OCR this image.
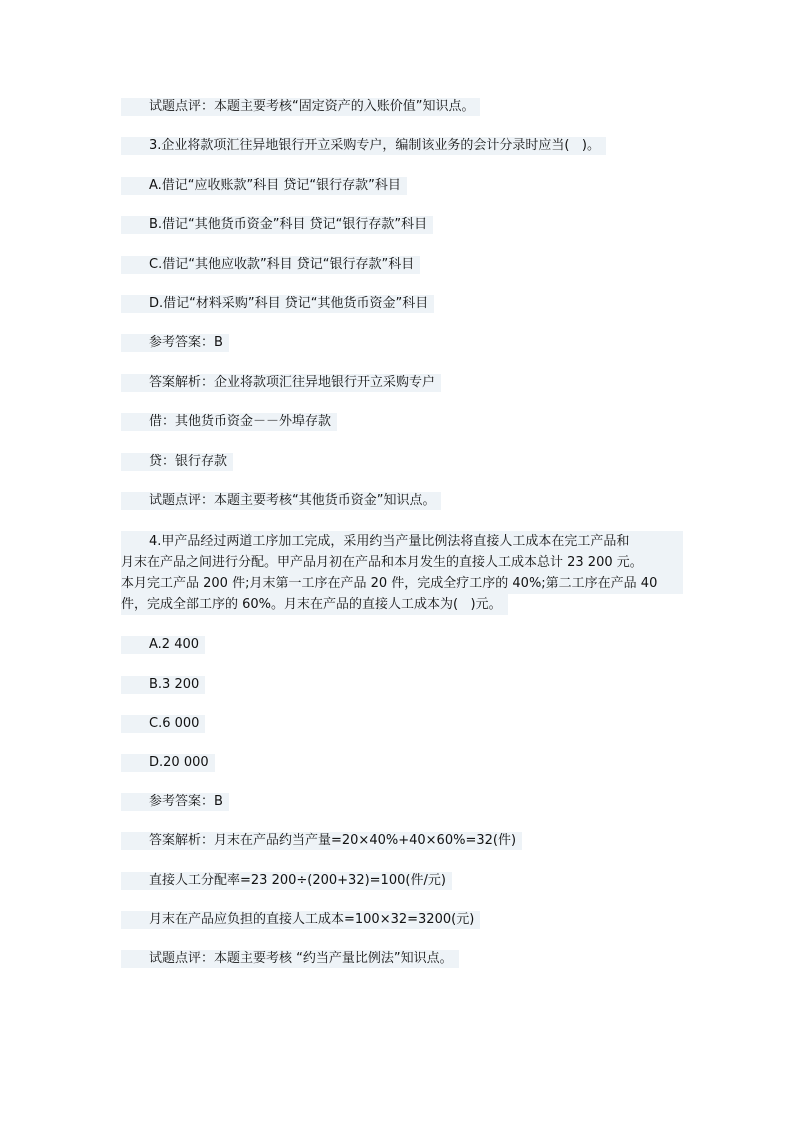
试题点评：本题主要考核“固定资产的入账价值”知识点。
3.企业将款项汇往异地银行开立采购专户，编制该业务的会计分录时应当(   )。
A.借记“应收账款”科目 贷记“银行存款”科目
B.借记“其他货币资金”科目 贷记“银行存款”科目
C.借记“其他应收款”科目 贷记“银行存款”科目
D.借记“材料采购”科目 贷记“其他货币资金”科目
参考答案：B
答案解析：企业将款项汇往异地银行开立采购专户
借：其他货币资金－－外埠存款
贷：银行存款
试题点评：本题主要考核“其他货币资金”知识点。
4.甲产品经过两道工序加工完成，采用约当产量比例法将直接人工成本在完工产品和
月末在产品之间进行分配。甲产品月初在产品和本月发生的直接人工成本总计 23 200 元。
本月完工产品 200 件;月末第一工序在产品 20 件，完成全疗工序的 40%;第二工序在产品 40
件，完成全部工序的 60%。月末在产品的直接人工成本为(   )元。
A.2 400
B.3 200
C.6 000
D.20 000
参考答案：B
答案解析：月末在产品约当产量=20×40%+40×60%=32(件)
直接人工分配率=23 200÷(200+32)=100(件/元)
月末在产品应负担的直接人工成本=100×32=3200(元)
试题点评：本题主要考核 “约当产量比例法”知识点。
